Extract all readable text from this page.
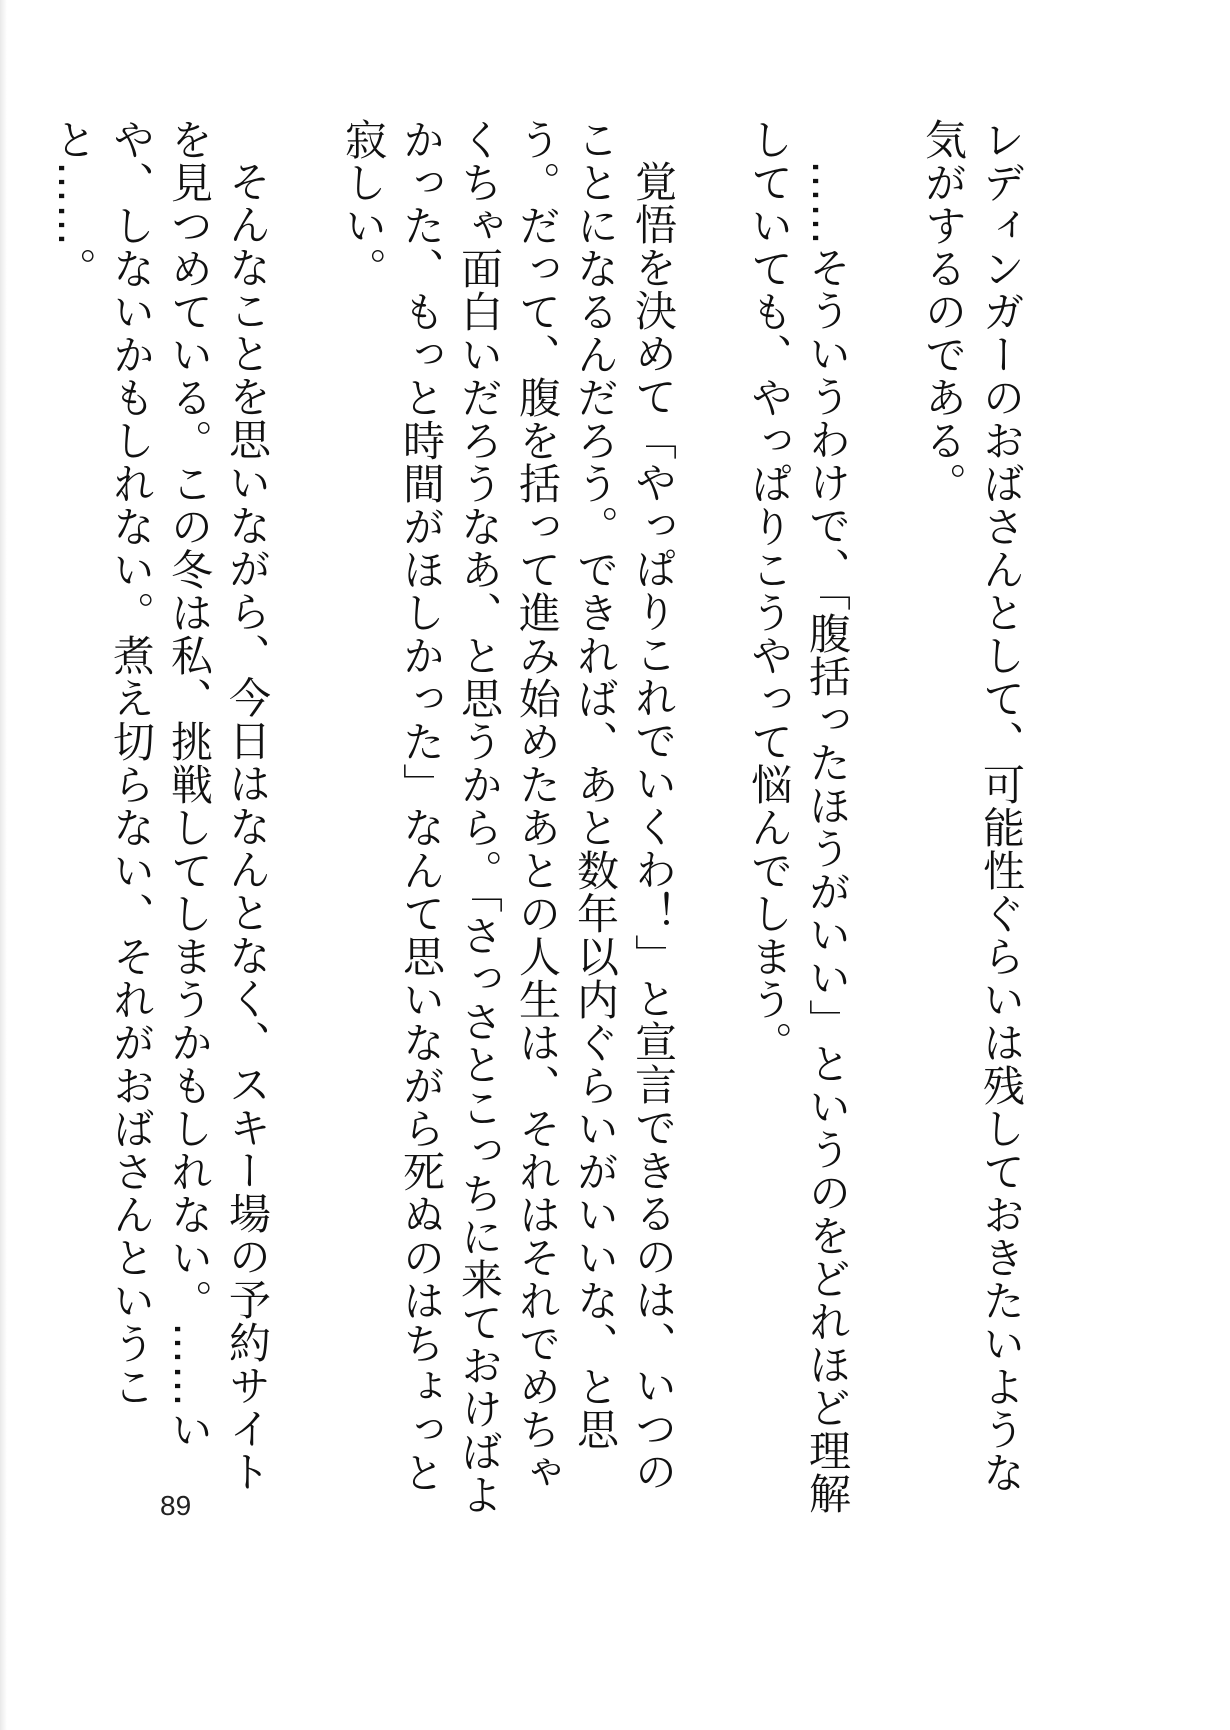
レディンガーのおばさんとして、可能性ぐらいは残しておきたいような気がするのである。

……そういうわけで、「腹括ったほうがいい」というのをどれほど理解していても、やっぱりこうやって悩んでしまう。

覚悟を決めて「やっぱりこれでいくわ！」と宣言できるのは、いつのことになるんだろう。できれば、あと数年以内ぐらいがいいな、と思う。だって、腹を括って進み始めたあとの人生は、それはそれでめちゃくちゃ面白いだろうなあ、と思うから。「さっさとこっちに来ておけばよかった、もっと時間がほしかった」なんて思いながら死ぬのはちょっと寂しい。

そんなことを思いながら、今日はなんとなく、スキー場の予約サイトを見つめている。この冬は私、挑戦してしまうかもしれない。……いや、しないかもしれない。煮え切らない、それがおばさんということ……。

89
